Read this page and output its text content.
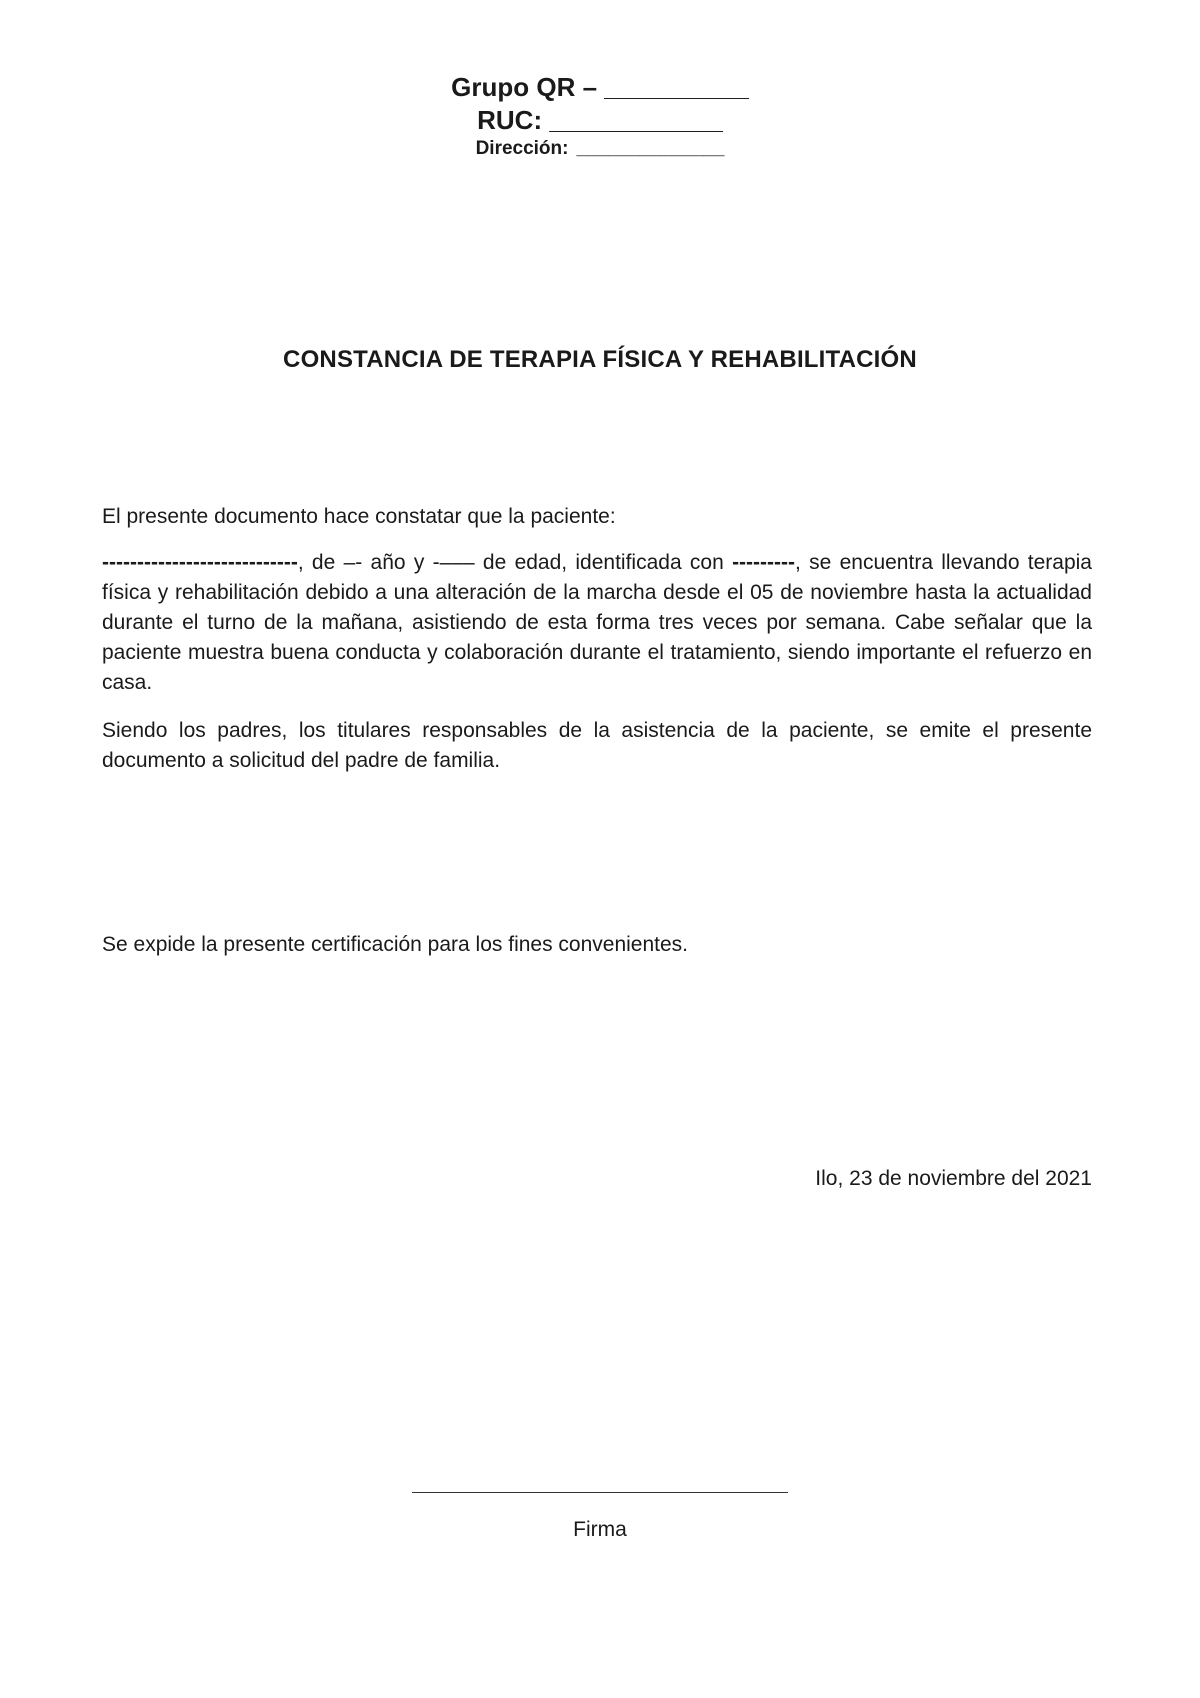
Grupo QR – __________
RUC: ____________
Dirección: ______________
CONSTANCIA DE TERAPIA FÍSICA Y REHABILITACIÓN

El presente documento hace constatar que la paciente:

----------------------------, de –- año y -––– de edad, identificada con ---------, se encuentra llevando terapia física y rehabilitación debido a una alteración de la marcha desde el 05 de noviembre hasta la actualidad durante el turno de la mañana, asistiendo de esta forma tres veces por semana. Cabe señalar que la paciente muestra buena conducta y colaboración durante el tratamiento, siendo importante el refuerzo en casa.

Siendo los padres, los titulares responsables de la asistencia de la paciente, se emite el presente documento a solicitud del padre de familia.

Se expide la presente certificación para los fines convenientes.

Ilo, 23 de noviembre del 2021
Firma
